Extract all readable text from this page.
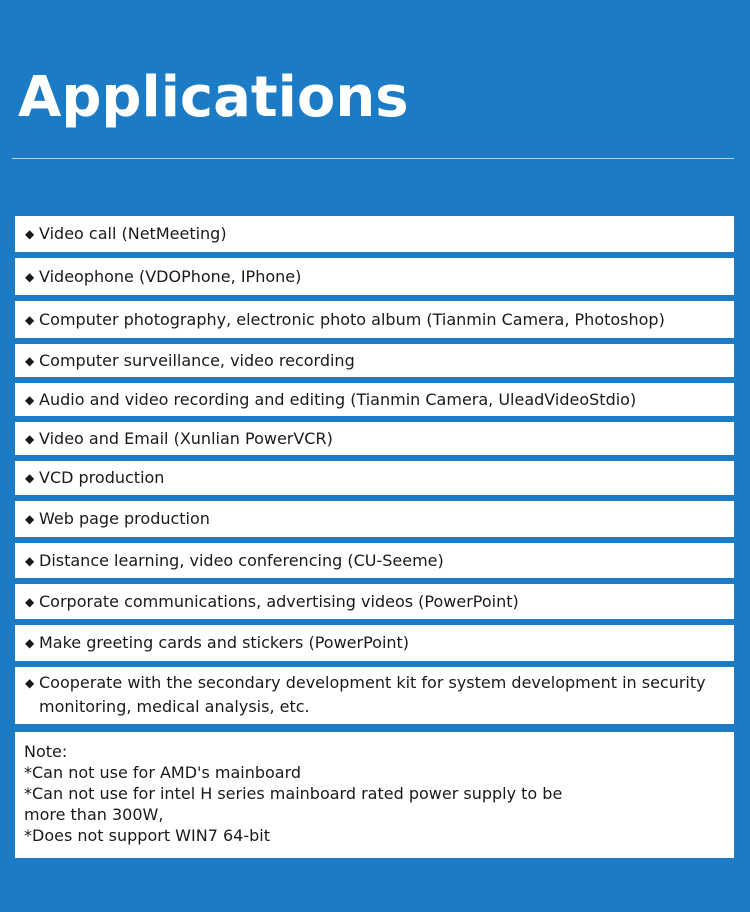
Applications
◆ Video call (NetMeeting)
◆ Videophone (VDOPhone, IPhone)
◆ Computer photography, electronic photo album (Tianmin Camera, Photoshop)
◆ Computer surveillance, video recording
◆ Audio and video recording and editing (Tianmin Camera, UleadVideoStdio)
◆ Video and Email (Xunlian PowerVCR)
◆ VCD production
◆ Web page production
◆ Distance learning, video conferencing (CU-Seeme)
◆ Corporate communications, advertising videos (PowerPoint)
◆ Make greeting cards and stickers (PowerPoint)
◆ Cooperate with the secondary development kit for system development in security monitoring, medical analysis, etc.
Note:
*Can not use for AMD's mainboard
*Can not use for intel H series mainboard rated power supply to be
more than 300W,
*Does not support WIN7 64-bit
